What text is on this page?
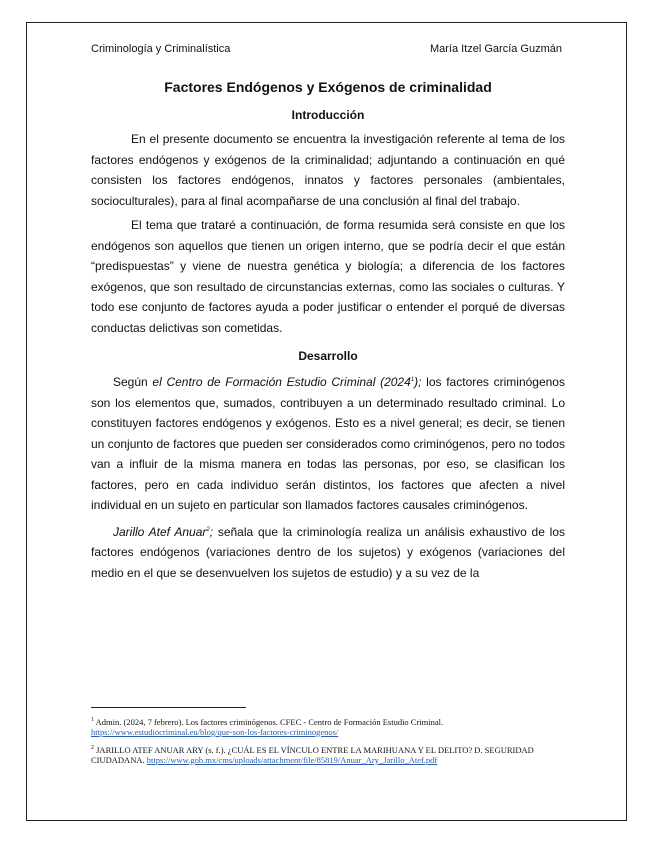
Criminología y Criminalística	María Itzel García Guzmán

Factores Endógenos y Exógenos de criminalidad

Introducción

En el presente documento se encuentra la investigación referente al tema de los factores endógenos y exógenos de la criminalidad; adjuntando a continuación en qué consisten los factores endógenos, innatos y factores personales (ambientales, socioculturales), para al final acompañarse de una conclusión al final del trabajo.

El tema que trataré a continuación, de forma resumida será consiste en que los endógenos son aquellos que tienen un origen interno, que se podría decir el que están “predispuestas” y viene de nuestra genética y biología; a diferencia de los factores exógenos, que son resultado de circunstancias externas, como las sociales o culturas. Y todo ese conjunto de factores ayuda a poder justificar o entender el porqué de diversas conductas delictivas son cometidas.

Desarrollo

Según el Centro de Formación Estudio Criminal (2024$^1$); los factores criminógenos son los elementos que, sumados, contribuyen a un determinado resultado criminal. Lo constituyen factores endógenos y exógenos. Esto es a nivel general; es decir, se tienen un conjunto de factores que pueden ser considerados como criminógenos, pero no todos van a influir de la misma manera en todas las personas, por eso, se clasifican los factores, pero en cada individuo serán distintos, los factores que afecten a nivel individual en un sujeto en particular son llamados factores causales criminógenos.

Jarillo Atef Anuar$^2$; señala que la criminología realiza un análisis exhaustivo de los factores endógenos (variaciones dentro de los sujetos) y exógenos (variaciones del medio en el que se desenvuelven los sujetos de estudio) y a su vez de la

$^1$ Admin. (2024, 7 febrero). Los factores criminógenos. CFEC - Centro de Formación Estudio Criminal.
https://www.estudiocriminal.eu/blog/que-son-los-factores-criminogenos/

$^2$ JARILLO ATEF ANUAR ARY (s. f.). ¿CUÁL ES EL VÍNCULO ENTRE LA MARIHUANA Y EL DELITO? D. SEGURIDAD CIUDADANA. https://www.gob.mx/cms/uploads/attachment/file/85819/Anuar_Ary_Jarillo_Atef.pdf
